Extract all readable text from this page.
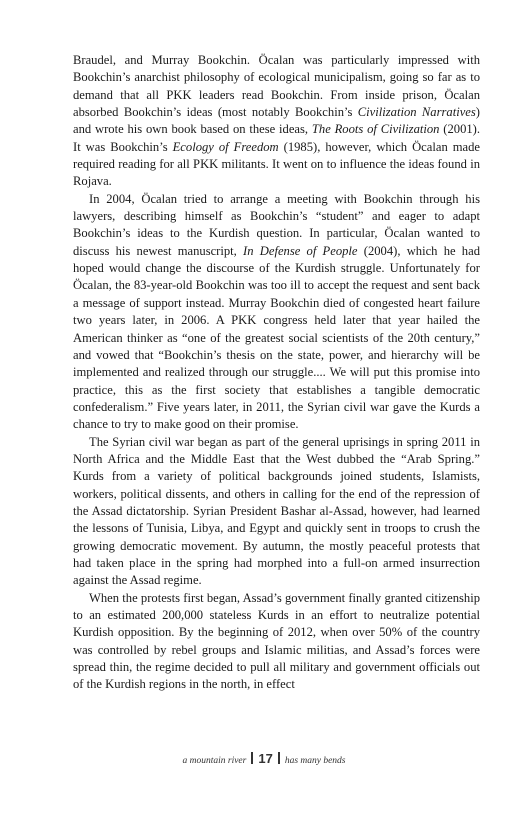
Braudel, and Murray Bookchin. Öcalan was particularly impressed with Bookchin’s anarchist philosophy of ecological municipalism, going so far as to demand that all PKK leaders read Bookchin. From inside prison, Öcalan absorbed Bookchin’s ideas (most notably Bookchin’s Civilization Narratives) and wrote his own book based on these ideas, The Roots of Civilization (2001). It was Bookchin’s Ecology of Freedom (1985), however, which Öcalan made required reading for all PKK militants. It went on to influence the ideas found in Rojava.

In 2004, Öcalan tried to arrange a meeting with Bookchin through his lawyers, describing himself as Bookchin’s “student” and eager to adapt Bookchin’s ideas to the Kurdish question. In particular, Öcalan wanted to discuss his newest manuscript, In Defense of People (2004), which he had hoped would change the discourse of the Kurdish struggle. Unfortunately for Öcalan, the 83-year-old Bookchin was too ill to accept the request and sent back a message of support instead. Murray Bookchin died of congested heart failure two years later, in 2006. A PKK congress held later that year hailed the American thinker as “one of the greatest social scientists of the 20th century,” and vowed that “Bookchin’s thesis on the state, power, and hierarchy will be implemented and realized through our struggle.... We will put this promise into practice, this as the first society that establishes a tangible democratic confederalism.” Five years later, in 2011, the Syrian civil war gave the Kurds a chance to try to make good on their promise.

The Syrian civil war began as part of the general uprisings in spring 2011 in North Africa and the Middle East that the West dubbed the “Arab Spring.” Kurds from a variety of political backgrounds joined students, Islamists, workers, political dissents, and others in calling for the end of the repression of the Assad dictatorship. Syrian President Bashar al-Assad, however, had learned the lessons of Tunisia, Libya, and Egypt and quickly sent in troops to crush the growing democratic movement. By autumn, the mostly peaceful protests that had taken place in the spring had morphed into a full-on armed insurrection against the Assad regime.

When the protests first began, Assad’s government finally granted citizenship to an estimated 200,000 stateless Kurds in an effort to neutralize potential Kurdish opposition. By the beginning of 2012, when over 50% of the country was controlled by rebel groups and Islamic militias, and Assad’s forces were spread thin, the regime decided to pull all military and government officials out of the Kurdish regions in the north, in effect

a mountain river 17 has many bends
